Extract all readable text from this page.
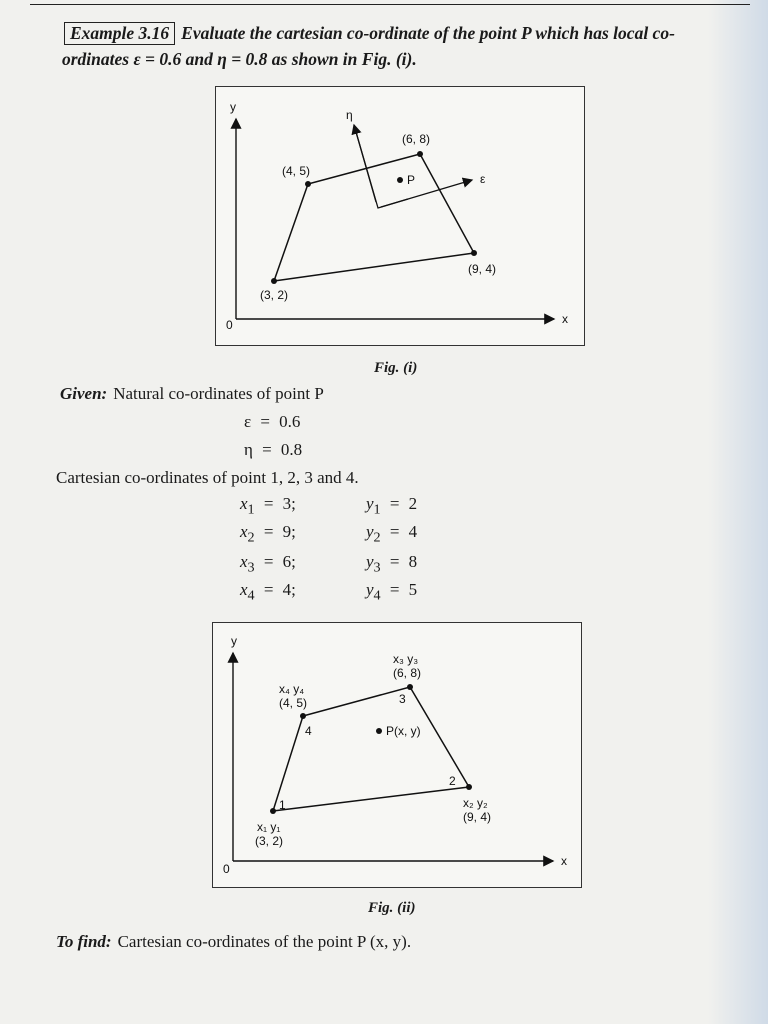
Example 3.16 Evaluate the cartesian co-ordinate of the point P which has local co-
ordinates ε = 0.6 and η = 0.8 as shown in Fig. (i).
y
x
0
(3, 2)
(9, 4)
(6, 8)
(4, 5)
η
ε
P
Fig. (i)
Given: Natural co-ordinates of point P
ε = 0.6
η = 0.8
Cartesian co-ordinates of point 1, 2, 3 and 4.
$x_1 = 3$;	$y_1 = 2$
$x_2 = 9$;	$y_2 = 4$
$x_3 = 6$;	$y_3 = 8$
$x_4 = 4$;	$y_4 = 5$
y
x
0
1
2
3
4
x₁ y₁
(3, 2)
x₂ y₂
(9, 4)
x₃ y₃
(6, 8)
x₄ y₄
(4, 5)
P(x, y)
Fig. (ii)
To find: Cartesian co-ordinates of the point P (x, y).
